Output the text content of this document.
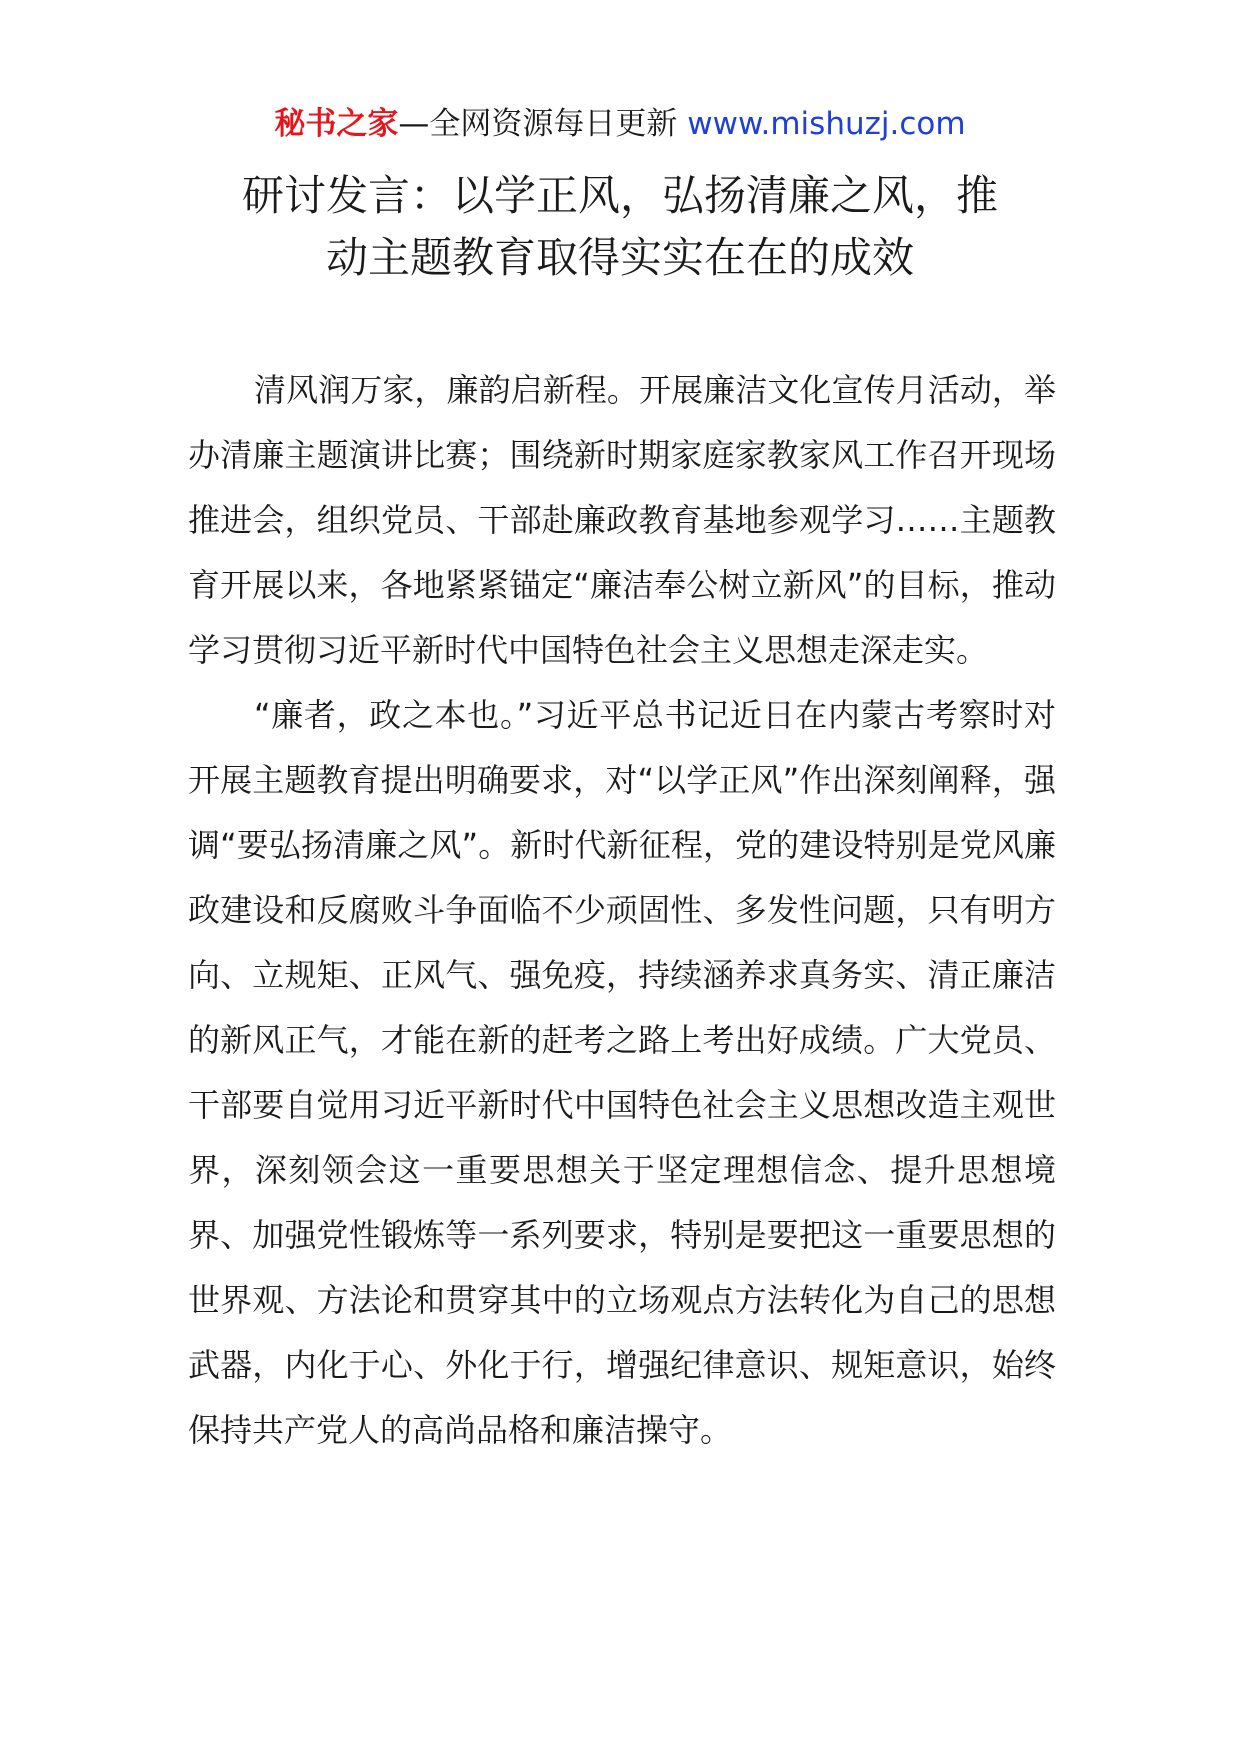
秘书之家—全网资源每日更新 www.mishuzj.com
研讨发言：以学正风，弘扬清廉之风，推
动主题教育取得实实在在的成效

清风润万家，廉韵启新程。开展廉洁文化宣传月活动，举办清廉主题演讲比赛；围绕新时期家庭家教家风工作召开现场推进会，组织党员、干部赴廉政教育基地参观学习……主题教育开展以来，各地紧紧锚定“廉洁奉公树立新风”的目标，推动学习贯彻习近平新时代中国特色社会主义思想走深走实。

“廉者，政之本也。”习近平总书记近日在内蒙古考察时对开展主题教育提出明确要求，对“以学正风”作出深刻阐释，强调“要弘扬清廉之风”。新时代新征程，党的建设特别是党风廉政建设和反腐败斗争面临不少顽固性、多发性问题，只有明方向、立规矩、正风气、强免疫，持续涵养求真务实、清正廉洁的新风正气，才能在新的赶考之路上考出好成绩。广大党员、干部要自觉用习近平新时代中国特色社会主义思想改造主观世界，深刻领会这一重要思想关于坚定理想信念、提升思想境界、加强党性锻炼等一系列要求，特别是要把这一重要思想的世界观、方法论和贯穿其中的立场观点方法转化为自己的思想武器，内化于心、外化于行，增强纪律意识、规矩意识，始终保持共产党人的高尚品格和廉洁操守。
